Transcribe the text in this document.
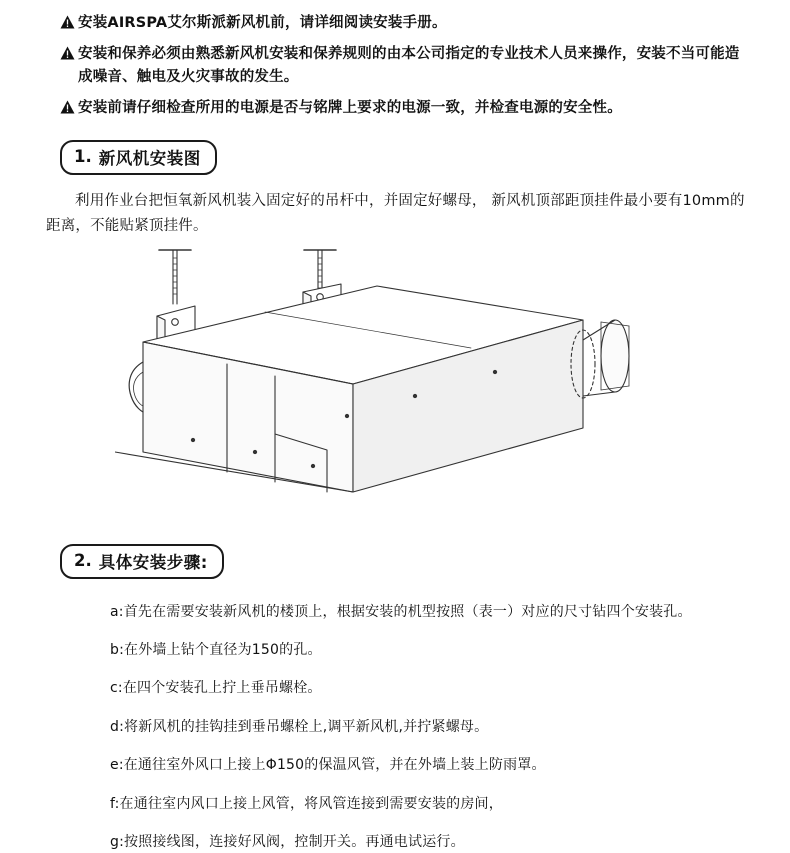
安装AIRSPA艾尔斯派新风机前，请详细阅读安装手册。
安装和保养必须由熟悉新风机安装和保养规则的由本公司指定的专业技术人员来操作，安装不当可能造成噪音、触电及火灾事故的发生。
安装前请仔细检查所用的电源是否与铭牌上要求的电源一致，并检查电源的安全性。
1. 新风机安装图

利用作业台把恒氧新风机装入固定好的吊杆中，并固定好螺母， 新风机顶部距顶挂件最小要有10mm的距离，不能贴紧顶挂件。

2. 具体安装步骤:
a:首先在需要安装新风机的楼顶上，根据安装的机型按照（表一）对应的尺寸钻四个安装孔。
b:在外墙上钻个直径为150的孔。
c:在四个安装孔上拧上垂吊螺栓。
d:将新风机的挂钩挂到垂吊螺栓上,调平新风机,并拧紧螺母。
e:在通往室外风口上接上Φ150的保温风管，并在外墙上装上防雨罩。
f:在通往室内风口上接上风管，将风管连接到需要安装的房间，
g:按照接线图，连接好风阀，控制开关。再通电试运行。
